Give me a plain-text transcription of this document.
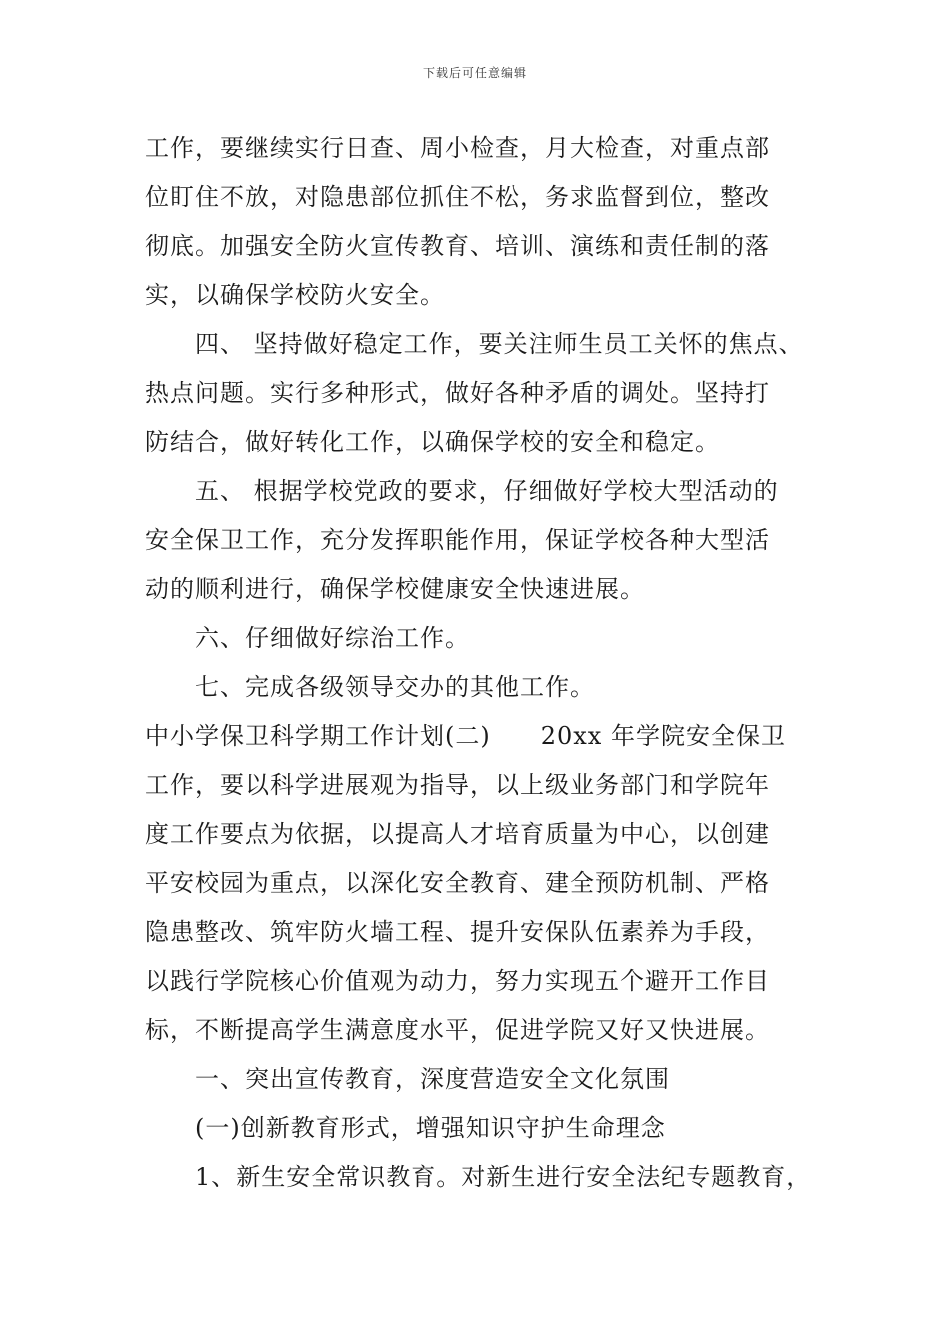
下载后可任意编辑
工作，要继续实行日查、周小检查，月大检查，对重点部
位盯住不放，对隐患部位抓住不松，务求监督到位，整改
彻底。加强安全防火宣传教育、培训、演练和责任制的落
实，以确保学校防火安全。
四、 坚持做好稳定工作，要关注师生员工关怀的焦点、
热点问题。实行多种形式，做好各种矛盾的调处。坚持打
防结合，做好转化工作，以确保学校的安全和稳定。
五、 根据学校党政的要求，仔细做好学校大型活动的
安全保卫工作，充分发挥职能作用，保证学校各种大型活
动的顺利进行，确保学校健康安全快速进展。
六、仔细做好综治工作。
七、完成各级领导交办的其他工作。
中小学保卫科学期工作计划(二)　　20xx 年学院安全保卫
工作，要以科学进展观为指导，以上级业务部门和学院年
度工作要点为依据，以提高人才培育质量为中心，以创建
平安校园为重点，以深化安全教育、建全预防机制、严格
隐患整改、筑牢防火墙工程、提升安保队伍素养为手段，
以践行学院核心价值观为动力，努力实现五个避开工作目
标，不断提高学生满意度水平，促进学院又好又快进展。
一、突出宣传教育，深度营造安全文化氛围
(一)创新教育形式，增强知识守护生命理念
1、新生安全常识教育。对新生进行安全法纪专题教育，
